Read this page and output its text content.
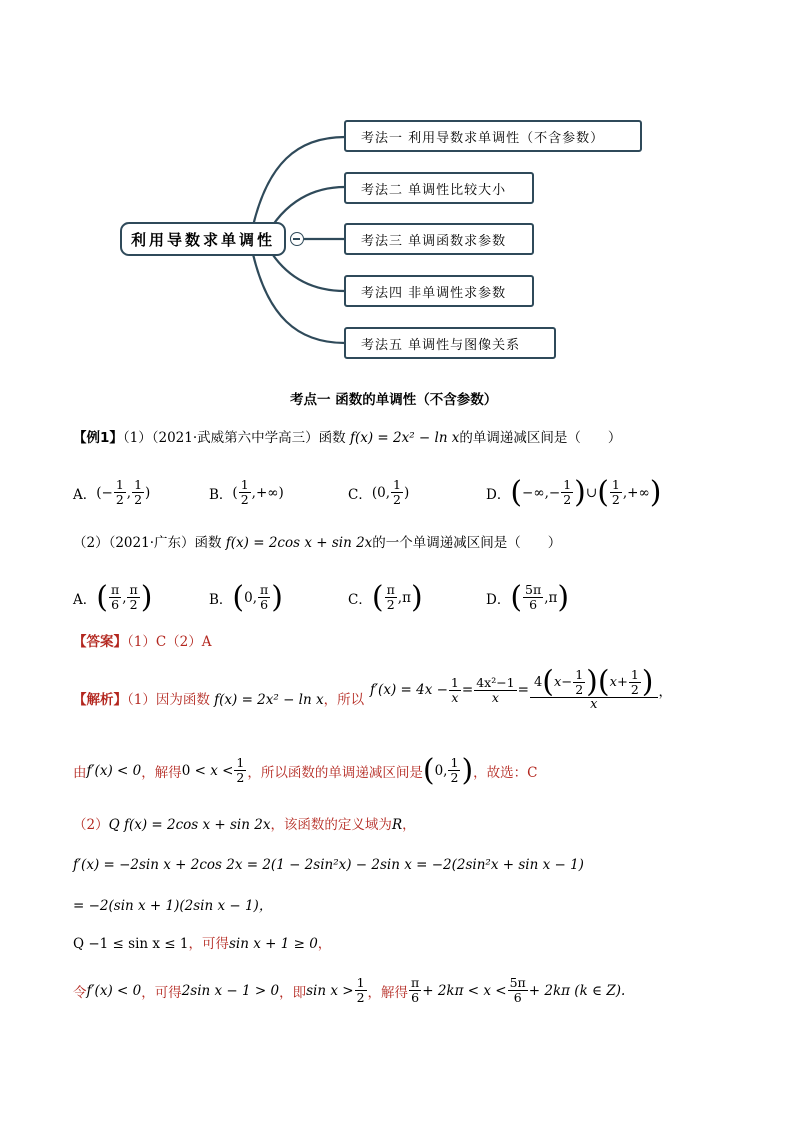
利用导数求单调性
考法一 利用导数求单调性（不含参数）
考法二 单调性比较大小
考法三 单调函数求参数
考法四 非单调性求参数
考法五 单调性与图像关系
考点一 函数的单调性（不含参数）
【例1】（1）（2021·武威第六中学高三）函数 f(x) = 2x² − ln x的单调递减区间是（　　）
A． (− $\frac{1}{2}$ , $\frac{1}{2}$ )	B． ( $\frac{1}{2}$ ,+∞)	C． (0, $\frac{1}{2}$ )	D． ( −∞,− $\frac{1}{2}$ ) ∪ ( $\frac{1}{2}$ ,+∞ )
（2）（2021·广东）函数 f(x) = 2cos x + sin 2x的一个单调递减区间是（　　）
A． ( $\frac{\pi}{6}$ , $\frac{\pi}{2}$ )	B． ( 0, $\frac{\pi}{6}$ )	C． ( $\frac{\pi}{2} ,\pi$ )	D． ( $\frac{5\pi}{6} ,\pi$ )
【答案】（1）C（2）A
【解析】（1）因为函数 f(x) = 2x² − ln x，所以
$f'(x) = 4x - \frac{1}{x} = \frac{\text{4x²−1}}{x} = \frac{4(x- \frac{1}{2} )(x+ \frac{1}{2} )}{x}$ ，
由 f′(x) < 0 ，解得 $0 < x < \frac{1}{2}$ ，所以函数的单调递减区间是 ( 0, $\frac{1}{2}$ ) ，故选：C
（2）Q f(x) = 2cos x + sin 2x，该函数的定义域为R，
f′(x) = −2sin x + 2cos 2x = 2(1 − 2sin²x) − 2sin x = −2(2sin²x + sin x − 1)
= −2(sin x + 1)(2sin x − 1)，
Q −1 ≤ sin x ≤ 1，可得sin x + 1 ≥ 0，
令 f′(x) < 0 ，可得 2sin x − 1 > 0 ，即 $\sin x > \frac{1}{2}$ ，解得 $\frac{\pi}{6} + 2k\pi < x < \frac{5\pi}{6} + 2k\pi$ (k ∈ Z).
